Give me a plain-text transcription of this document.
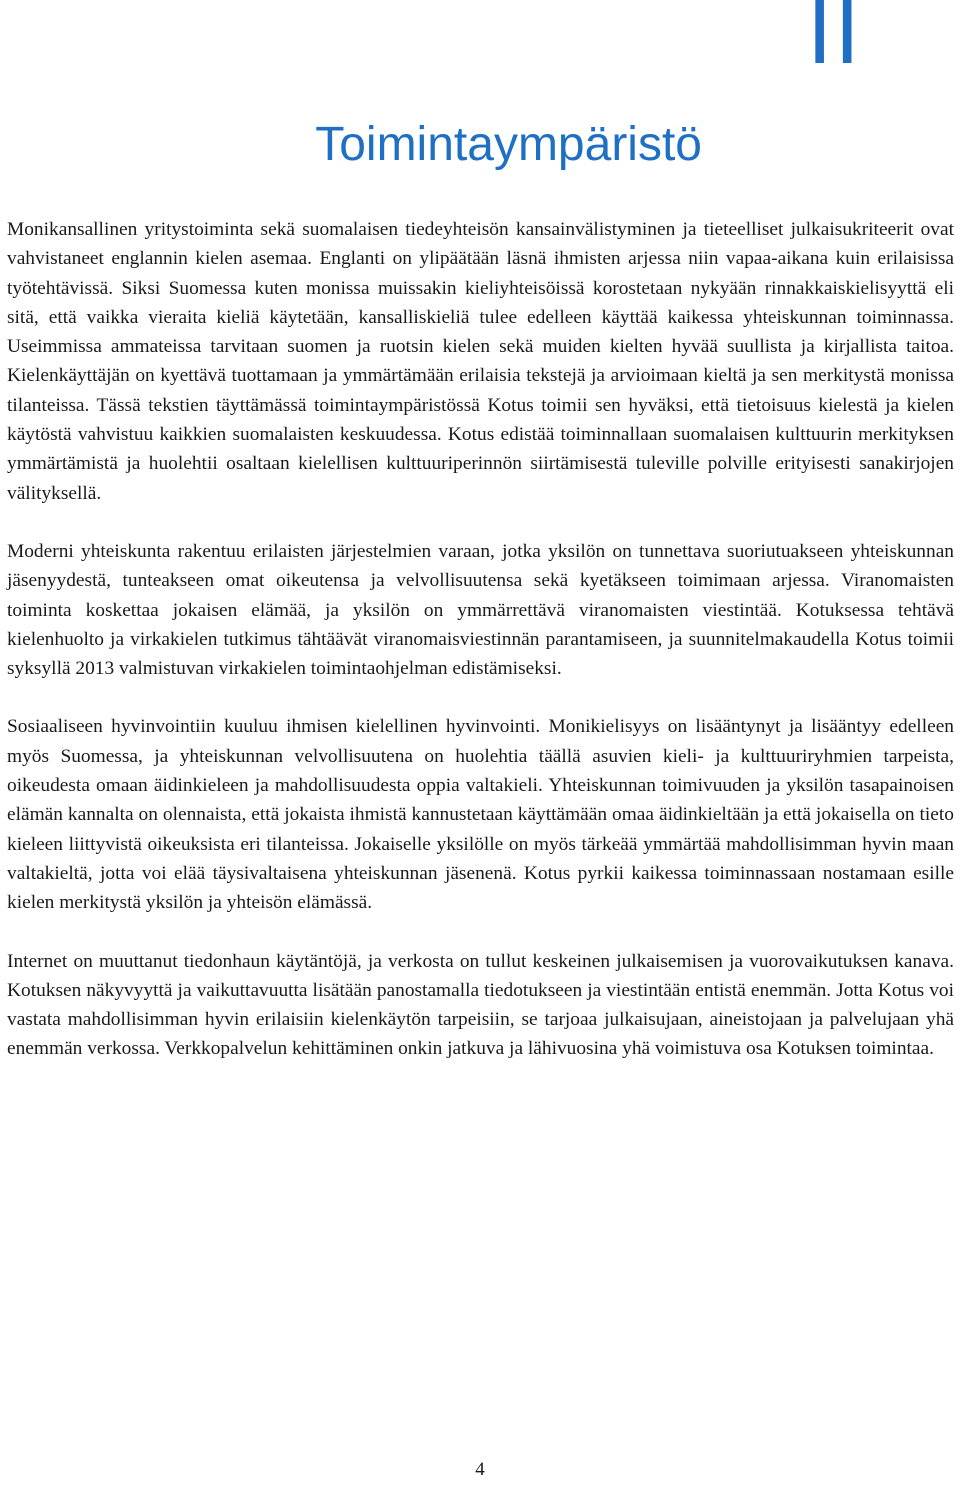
II
Toimintaympäristö

Monikansallinen yritystoiminta sekä suomalaisen tiedeyhteisön kansainvälistyminen ja tieteelliset julkaisukriteerit ovat vahvistaneet englannin kielen asemaa. Englanti on ylipäätään läsnä ihmisten arjessa niin vapaa-aikana kuin erilaisissa työtehtävissä. Siksi Suomessa kuten monissa muissakin kieliyhteisöissä korostetaan nykyään rinnakkaiskielisyyttä eli sitä, että vaikka vieraita kieliä käytetään, kansalliskieliä tulee edelleen käyttää kaikessa yhteiskunnan toiminnassa. Useimmissa ammateissa tarvitaan suomen ja ruotsin kielen sekä muiden kielten hyvää suullista ja kirjallista taitoa. Kielenkäyttäjän on kyettävä tuottamaan ja ymmärtämään erilaisia tekstejä ja arvioimaan kieltä ja sen merkitystä monissa tilanteissa. Tässä tekstien täyttämässä toimintaympäristössä Kotus toimii sen hyväksi, että tietoisuus kielestä ja kielen käytöstä vahvistuu kaikkien suomalaisten keskuudessa. Kotus edistää toiminnallaan suomalaisen kulttuurin merkityksen ymmärtämistä ja huolehtii osaltaan kielellisen kulttuuriperinnön siirtämisestä tuleville polville erityisesti sanakirjojen välityksellä.

Moderni yhteiskunta rakentuu erilaisten järjestelmien varaan, jotka yksilön on tunnettava suoriutuakseen yhteiskunnan jäsenyydestä, tunteakseen omat oikeutensa ja velvollisuutensa sekä kyetäkseen toimimaan arjessa. Viranomaisten toiminta koskettaa jokaisen elämää, ja yksilön on ymmärrettävä viranomaisten viestintää. Kotuksessa tehtävä kielenhuolto ja virkakielen tutkimus tähtäävät viranomaisviestinnän parantamiseen, ja suunnitelmakaudella Kotus toimii syksyllä 2013 valmistuvan virkakielen toimintaohjelman edistämiseksi.

Sosiaaliseen hyvinvointiin kuuluu ihmisen kielellinen hyvinvointi. Monikielisyys on lisääntynyt ja lisääntyy edelleen myös Suomessa, ja yhteiskunnan velvollisuutena on huolehtia täällä asuvien kieli- ja kulttuuriryhmien tarpeista, oikeudesta omaan äidinkieleen ja mahdollisuudesta oppia valtakieli. Yhteiskunnan toimivuuden ja yksilön tasapainoisen elämän kannalta on olennaista, että jokaista ihmistä kannustetaan käyttämään omaa äidinkieltään ja että jokaisella on tieto kieleen liittyvistä oikeuksista eri tilanteissa. Jokaiselle yksilölle on myös tärkeää ymmärtää mahdollisimman hyvin maan valtakieltä, jotta voi elää täysivaltaisena yhteiskunnan jäsenenä. Kotus pyrkii kaikessa toiminnassaan nostamaan esille kielen merkitystä yksilön ja yhteisön elämässä.

Internet on muuttanut tiedonhaun käytäntöjä, ja verkosta on tullut keskeinen julkaisemisen ja vuorovaikutuksen kanava. Kotuksen näkyvyyttä ja vaikuttavuutta lisätään panostamalla tiedotukseen ja viestintään entistä enemmän. Jotta Kotus voi vastata mahdollisimman hyvin erilaisiin kielenkäytön tarpeisiin, se tarjoaa julkaisujaan, aineistojaan ja palvelujaan yhä enemmän verkossa. Verkkopalvelun kehittäminen onkin jatkuva ja lähivuosina yhä voimistuva osa Kotuksen toimintaa.

4
